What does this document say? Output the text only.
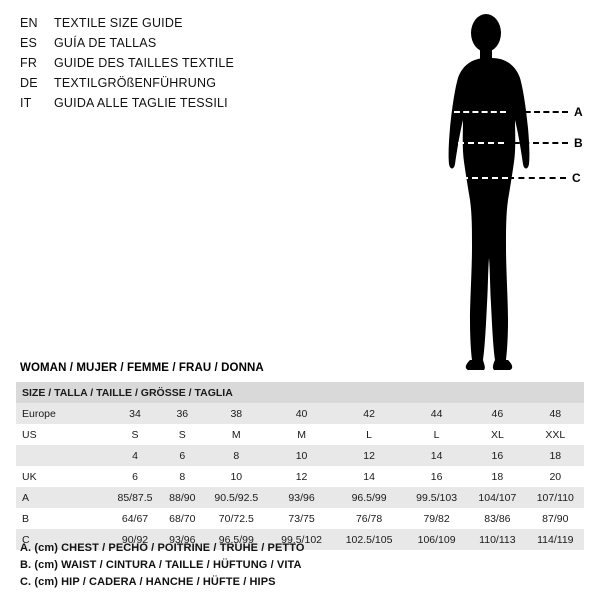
EN	TEXTILE SIZE GUIDE
ES	GUÍA DE TALLAS
FR	GUIDE DES TAILLES TEXTILE
DE	TEXTILGRÖßENFÜHRUNG
IT	GUIDA ALLE TAGLIE TESSILI
A
B
C
WOMAN / MUJER / FEMME / FRAU / DONNA
SIZE / TALLA / TAILLE / GRÖSSE / TAGLIA								
Europe	34	36	38	40	42	44	46	48
US	S	S	M	M	L	L	XL	XXL
	4	6	8	10	12	14	16	18
UK	6	8	10	12	14	16	18	20
A	85/87.5	88/90	90.5/92.5	93/96	96.5/99	99.5/103	104/107	107/110
B	64/67	68/70	70/72.5	73/75	76/78	79/82	83/86	87/90
C	90/92	93/96	96.5/99	99.5/102	102.5/105	106/109	110/113	114/119
A. (cm) CHEST / PECHO / POITRINE / TRUHE / PETTO
B. (cm) WAIST / CINTURA / TAILLE / HÜFTUNG / VITA
C. (cm) HIP / CADERA / HANCHE / HÜFTE / HIPS
